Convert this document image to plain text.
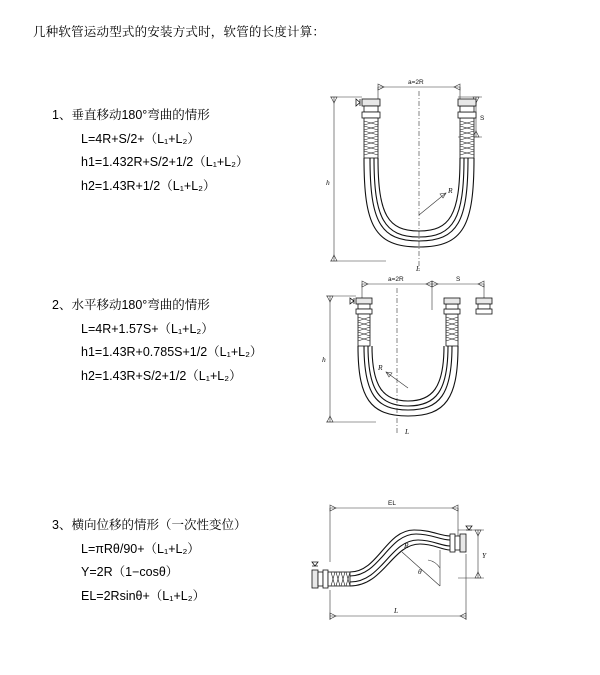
几种软管运动型式的安装方式时，软管的长度计算：
1、垂直移动180°弯曲的情形
L=4R+S/2+（L₁+L₂）
h1=1.432R+S/2+1/2（L₁+L₂）
h2=1.43R+1/2（L₁+L₂）
a=2R
S
h
R
L
2、水平移动180°弯曲的情形
L=4R+1.57S+（L₁+L₂）
h1=1.43R+0.785S+1/2（L₁+L₂）
h2=1.43R+S/2+1/2（L₁+L₂）
a=2R	S
h
R
L
3、横向位移的情形（一次性变位）
L=πRθ/90+（L₁+L₂）
Y=2R（1−cosθ）
EL=2Rsinθ+（L₁+L₂）
EL
Y
θ
R
L
